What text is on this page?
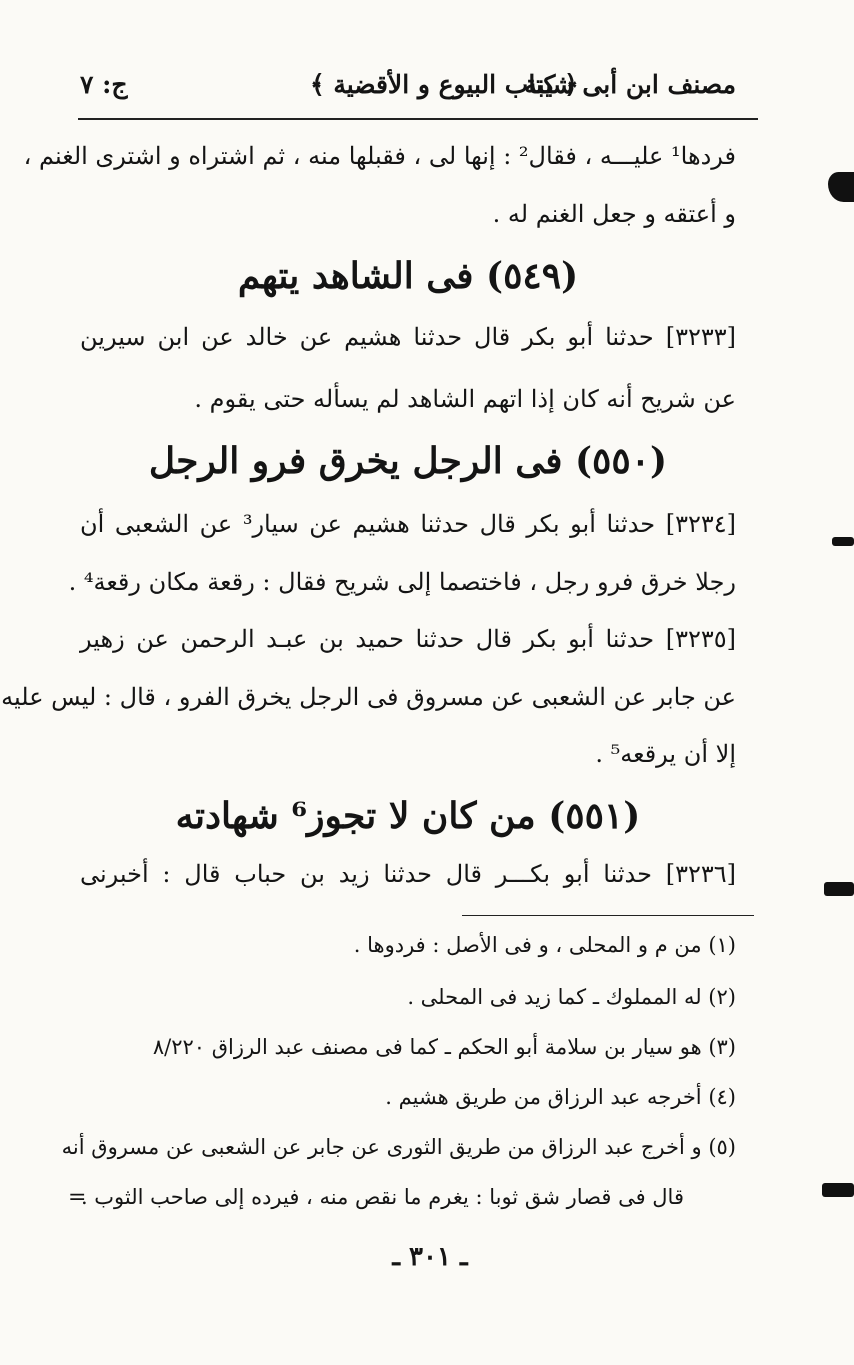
مصنف ابن أبى شيبة
﴿ كتاب البيوع و الأقضية ﴾
ج: ٧
فردها¹ عليـــه ، فقال² : إنها لى ، فقبلها منه ، ثم اشتراه و اشترى الغنم ،
و أعتقه و جعل الغنم له .
(٥٤٩) فى الشاهد يتهم
[٣٢٣٣] حدثنا أبو بكر قال حدثنا هشيم عن خالد عن ابن سيرين
عن شريح أنه كان إذا اتهم الشاهد لم يسأله حتى يقوم .
(٥٥٠) فى الرجل يخرق فرو الرجل
[٣٢٣٤] حدثنا أبو بكر قال حدثنا هشيم عن سيار³ عن الشعبى أن
رجلا خرق فرو رجل ، فاختصما إلى شريح فقال : رقعة مكان رقعة⁴ .
[٣٢٣٥] حدثنا أبو بكر قال حدثنا حميد بن عبـد الرحمن عن زهير
عن جابر عن الشعبى عن مسروق فى الرجل يخرق الفرو ، قال : ليس عليه
إلا أن يرقعه⁵ .
(٥٥١) من كان لا تجوز⁶ شهادته
[٣٢٣٦] حدثنا أبو بكـــر قال حدثنا زيد بن حباب قال : أخبرنى
(١) من م و المحلى ، و فى الأصل : فردوها .
(٢) له المملوك ـ كما زيد فى المحلى .
(٣) هو سيار بن سلامة أبو الحكم ـ كما فى مصنف عبد الرزاق ٨/٢٢٠
(٤) أخرجه عبد الرزاق من طريق هشيم .
(٥) و أخرج عبد الرزاق من طريق الثورى عن جابر عن الشعبى عن مسروق أنه
قال فى قصار شق ثوبا : يغرم ما نقص منه ، فيرده إلى صاحب الثوب .
=
ـ ٣٠١ ـ
